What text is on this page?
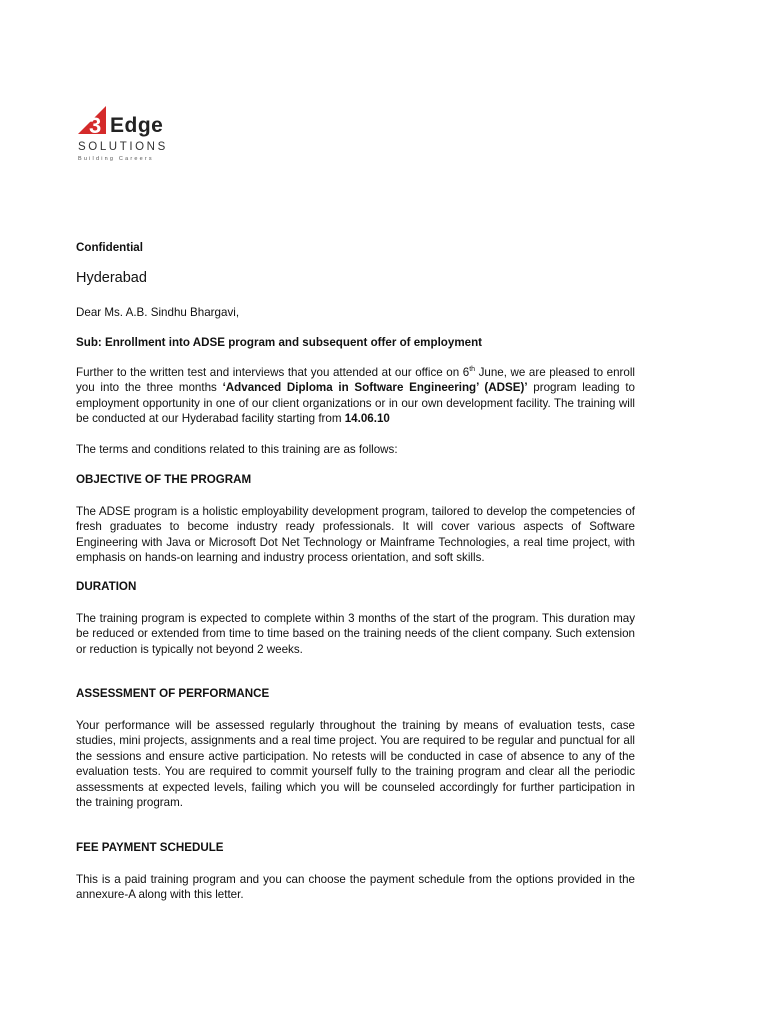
3 Edge
SOLUTIONS
Building Careers

Confidential

Hyderabad

Dear Ms. A.B. Sindhu Bhargavi,

Sub: Enrollment into ADSE program and subsequent offer of employment

Further to the written test and interviews that you attended at our office on 6th June, we are pleased to enroll you into the three months ‘Advanced Diploma in Software Engineering’ (ADSE)’ program leading to employment opportunity in one of our client organizations or in our own development facility. The training will be conducted at our Hyderabad facility starting from 14.06.10

The terms and conditions related to this training are as follows:

OBJECTIVE OF THE PROGRAM

The ADSE program is a holistic employability development program, tailored to develop the competencies of fresh graduates to become industry ready professionals. It will cover various aspects of Software Engineering with Java or Microsoft Dot Net Technology or Mainframe Technologies, a real time project, with emphasis on hands-on learning and industry process orientation, and soft skills.

DURATION

The training program is expected to complete within 3 months of the start of the program. This duration may be reduced or extended from time to time based on the training needs of the client company. Such extension or reduction is typically not beyond 2 weeks.

ASSESSMENT OF PERFORMANCE

Your performance will be assessed regularly throughout the training by means of evaluation tests, case studies, mini projects, assignments and a real time project. You are required to be regular and punctual for all the sessions and ensure active participation. No retests will be conducted in case of absence to any of the evaluation tests. You are required to commit yourself fully to the training program and clear all the periodic assessments at expected levels, failing which you will be counseled accordingly for further participation in the training program.

FEE PAYMENT SCHEDULE

This is a paid training program and you can choose the payment schedule from the options provided in the annexure-A along with this letter.
